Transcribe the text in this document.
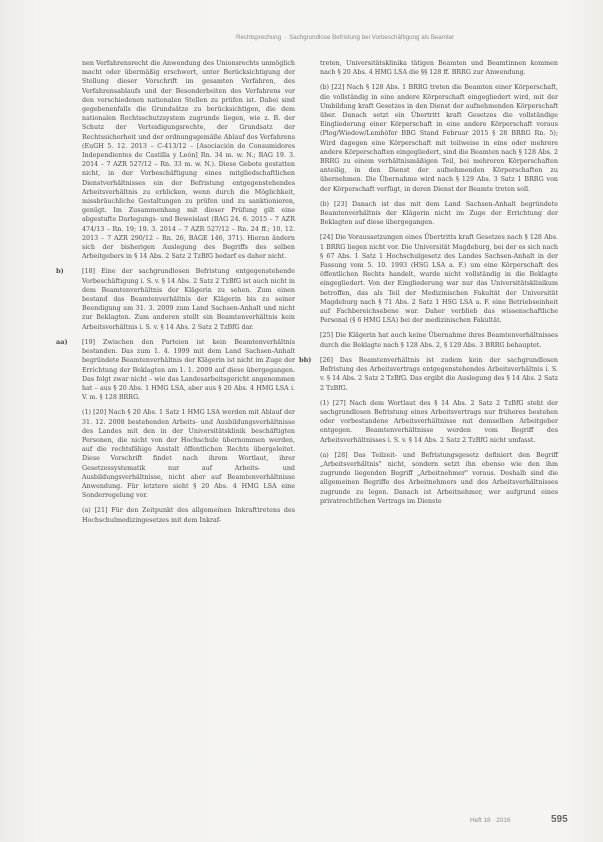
Rechtsprechung · Sachgrundlose Befristung bei Vorbeschäftigung als Beamter
nen Verfahrensrecht die Anwendung des Unionsrechts unmöglich macht oder übermäßig erschwert, unter Berücksichtigung der Stellung dieser Vorschrift im gesamten Verfahren, des Verfahrensablaufs und der Besonderheiten des Verfahrens vor den verschiedenen nationalen Stellen zu prüfen ist. Dabei sind gegebenenfalls die Grundsätze zu berücksichtigen, die dem nationalen Rechtsschutzsystem zugrunde liegen, wie z. B. der Schutz der Verteidigungsrechte, der Grundsatz der Rechtssicherheit und der ordnungsgemäße Ablauf des Verfahrens (EuGH 5. 12. 2013 – C-413/12 – [Asociación de Consumidores Independientes de Castilla y León] Rn. 34 m. w. N.; BAG 19. 3. 2014 – 7 AZR 527/12 – Rn. 33 m. w. N.). Diese Gebote gestatten nicht, in der Vorbeschäftigung eines mitgliedschaftlichen Dienstverhältnisses ein der Befristung entgegenstehendes Arbeitsverhältnis zu erblicken, wenn durch die Möglichkeit, missbräuchliche Gestaltungen zu prüfen und zu sanktionieren, genügt. Im Zusammenhang mit dieser Prüfung gilt eine abgestufte Darlegungs- und Beweislast (BAG 24. 6. 2015 – 7 AZR 474/13 – Rn. 19; 19. 3. 2014 – 7 AZR 527/12 – Rn. 24 ff.; 10. 12. 2013 – 7 AZR 290/12 – Rn. 26, BAGE 146, 371). Hieran ändern sich der bisherigen Auslegung des Begriffs des selben Arbeitgebers in § 14 Abs. 2 Satz 2 TzBfG bedarf es daher nicht.
b)	[18] Eine der sachgrundlosen Befristung entgegenstehende Vorbeschäftigung i. S. v. § 14 Abs. 2 Satz 2 TzBfG ist auch nicht in dem Beamtenverhältnis der Klägerin zu sehen. Zum einen bestand das Beamtenverhältnis der Klägerin bis zu seiner Beendigung am 31. 3. 2009 zum Land Sachsen-Anhalt und nicht zur Beklagten. Zum anderen stellt ein Beamtenverhältnis kein Arbeitsverhältnis i. S. v. § 14 Abs. 2 Satz 2 TzBfG dar.
aa) [19] Zwischen den Parteien ist kein Beamtenverhältnis bestanden. Das zum 1. 4. 1999 mit dem Land Sachsen-Anhalt begründete Beamtenverhältnis der Klägerin ist nicht im Zuge der Errichtung der Beklagten am 1. 1. 2009 auf diese übergegangen. Das folgt zwar nicht – wie das Landesarbeitsgericht angenommen hat – aus § 20 Abs. 1 HMG LSA, aber aus § 20 Abs. 4 HMG LSA i. V. m. § 128 BRRG.
(1) [20] Nach § 20 Abs. 1 Satz 1 HMG LSA werden mit Ablauf der 31. 12. 2008 bestehenden Arbeits- und Ausbildungsverhältnisse des Landes mit den in der Universitätsklinik beschäftigten Personen, die nicht von der Hochschule übernommen werden, auf die rechtsfähige Anstalt öffentlichen Rechts übergeleitet. Diese Vorschrift findet nach ihrem Wortlaut, ihrer Gesetzessystematik nur auf Arbeits- und Ausbildungsverhältnisse, nicht aber auf Beamtenverhältnisse Anwendung. Für letztere sieht § 20 Abs. 4 HMG LSA eine Sonderregelung vor.
(a) [21] Für den Zeitpunkt des allgemeinen Inkrafttretens des Hochschulmedizingesetzes mit dem Inkraf-
treten, Universitätsklinika tätigen Beamten und Beamtinnen kommen nach § 20 Abs. 4 HMG LSA die §§ 128 ff. BRRG zur Anwendung.
(b) [22] Nach § 128 Abs. 1 BRRG treten die Beamten einer Körperschaft, die vollständig in eine andere Körperschaft eingegliedert wird, mit der Umbildung kraft Gesetzes in den Dienst der aufnehmenden Körperschaft über. Danach setzt ein Übertritt kraft Gesetzes die vollständige Eingliederung einer Körperschaft in eine andere Körperschaft voraus (Plog/Wiedow/Lemhöfer BBG Stand Februar 2015 § 28 BRRG Rn. 5); Wird dagegen eine Körperschaft mit teilweise in eine oder mehrere andere Körperschaften eingegliedert, sind die Beamten nach § 128 Abs. 2 BRRG zu einem verhältnismäßigen Teil, bei mehreren Körperschaften anteilig, in den Dienst der aufnehmenden Körperschaften zu übernehmen. Die Übernahme wird nach § 129 Abs. 3 Satz 1 BRRG von der Körperschaft verfügt, in deren Dienst der Beamte treten soll.
(b) [23] Danach ist das mit dem Land Sachsen-Anhalt begründete Beamtenverhältnis der Klägerin nicht im Zuge der Errichtung der Beklagten auf diese übergegangen.
[24] Die Voraussetzungen eines Übertritts kraft Gesetzes nach § 128 Abs. 1 BRRG liegen nicht vor. Die Universität Magdeburg, bei der es sich nach § 67 Abs. 1 Satz 1 Hochschulgesetz des Landes Sachsen-Anhalt in der Fassung vom 5. 10. 1993 (HSG LSA a. F.) um eine Körperschaft des öffentlichen Rechts handelt, wurde nicht vollständig in die Beklagte eingegliedert. Von der Eingliederung war nur das Universitätsklinikum betroffen, das als Teil der Medizinischen Fakultät der Universität Magdeburg nach § 71 Abs. 2 Satz 1 HSG LSA a. F. eine Betriebseinheit auf Fachbereichsebene war. Daher verblieb das wissenschaftliche Personal (§ 6 HMG LSA) bei der medizinischen Fakultät.
[25] Die Klägerin hat auch keine Übernahme ihres Beamtenverhältnisses durch die Beklagte nach § 128 Abs. 2, § 129 Abs. 3 BRRG behauptet.
bb) [26] Das Beamtenverhältnis ist zudem kein der sachgrundlosen Befristung des Arbeitsvertrags entgegenstehendes Arbeitsverhältnis i. S. v. § 14 Abs. 2 Satz 2 TzBfG. Das ergibt die Auslegung des § 14 Abs. 2 Satz 2 TzBfG.
(1) [27] Nach dem Wortlaut des § 14 Abs. 2 Satz 2 TzBfG steht der sachgrundlosen Befristung eines Arbeitsvertrags nur früheres bestehen oder vorbestandene Arbeitsverhältnisse mit demselben Arbeitgeber entgegen. Beamtenverhältnisse werden vom Begriff des Arbeitsverhältnisses i. S. v. § 14 Abs. 2 Satz 2 TzBfG nicht umfasst.
(a) [28] Das Teilzeit- und Befristungsgesetz definiert den Begriff „Arbeitsverhältnis" nicht, sondern setzt ihn ebenso wie den ihm zugrunde liegenden Begriff „Arbeitnehmer" voraus. Deshalb sind die allgemeinen Begriffe des Arbeitnehmers und des Arbeitsverhältnisses zugrunde zu legen. Danach ist Arbeitnehmer, wer aufgrund eines privatrechtlichen Vertrags im Dienste
Heft 18 · 2016	595
